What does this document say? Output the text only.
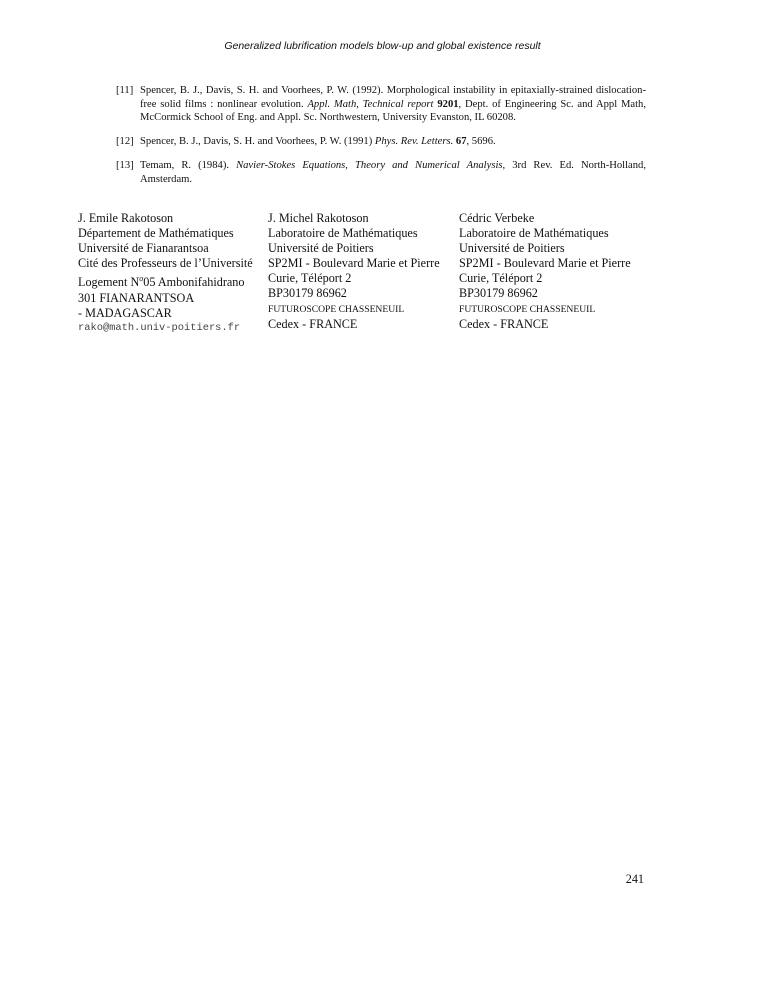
Generalized lubrification models blow-up and global existence result
[11] Spencer, B. J., Davis, S. H. and Voorhees, P. W. (1992). Morphological instability in epitaxially-strained dislocation-free solid films : nonlinear evolution. Appl. Math, Technical report 9201, Dept. of Engineering Sc. and Appl Math, McCormick School of Eng. and Appl. Sc. Northwestern, University Evanston, IL 60208.
[12] Spencer, B. J., Davis, S. H. and Voorhees, P. W. (1991) Phys. Rev. Letters. 67, 5696.
[13] Temam, R. (1984). Navier-Stokes Equations, Theory and Numerical Analysis, 3rd Rev. Ed. North-Holland, Amsterdam.
J. Emile Rakotoson
Département de Mathématiques
Université de Fianarantsoa
Cité des Professeurs de l’Université
Logement $N^o05$ Ambonifahidrano
301 FIANARANTSOA
- MADAGASCAR
rako@math.univ-poitiers.fr
J. Michel Rakotoson
Laboratoire de Mathématiques
Université de Poitiers
SP2MI - Boulevard Marie et Pierre
Curie, Téléport 2
BP30179 86962
FUTUROSCOPE CHASSENEUIL
Cedex - FRANCE
Cédric Verbeke
Laboratoire de Mathématiques
Université de Poitiers
SP2MI - Boulevard Marie et Pierre
Curie, Téléport 2
BP30179 86962
FUTUROSCOPE CHASSENEUIL
Cedex - FRANCE
241
